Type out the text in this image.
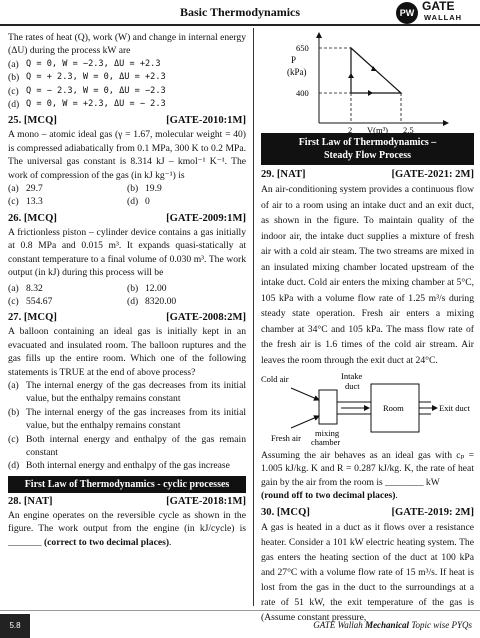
Basic Thermodynamics	PW GATE
WALLAH
The rates of heat (Q), work (W) and change in internal energy (ΔU) during the process kW are
(a) Q = 0, W = −2.3, ΔU = +2.3
(b) Q = + 2.3, W = 0, ΔU = +2.3
(c) Q = − 2.3, W = 0, ΔU = −2.3
(d) Q = 0, W = +2.3, ΔU = − 2.3
25. [MCQ]	[GATE-2010:1M]
A mono – atomic ideal gas (γ = 1.67, molecular weight = 40) is compressed adiabatically from 0.1 MPa, 300 K to 0.2 MPa. The universal gas constant is 8.314 kJ – kmol⁻¹ K⁻¹. The work of compression of the gas (in kJ kg⁻¹) is
(a) 29.7	(b) 19.9
(c) 13.3	(d) 0
26. [MCQ]	[GATE-2009:1M]
A frictionless piston – cylinder device contains a gas initially at 0.8 MPa and 0.015 m³. It expands quasi-statically at constant temperature to a final volume of 0.030 m³. The work output (in kJ) during this process will be
(a) 8.32	(b) 12.00
(c) 554.67	(d) 8320.00
27. [MCQ]	[GATE-2008:2M]
A balloon containing an ideal gas is initially kept in an evacuated and insulated room. The balloon ruptures and the gas fills up the entire room. Which one of the following statements is TRUE at the end of above process?
(a) The internal energy of the gas decreases from its initial value, but the enthalpy remains constant
(b) The internal energy of the gas increases from its initial value, but the enthalpy remains constant
(c) Both internal energy and enthalpy of the gas remain constant
(d) Both internal energy and enthalpy of the gas increase
First Law of Thermodynamics - cyclic processes
28. [NAT]	[GATE-2018:1M]
An engine operates on the reversible cycle as shown in the figure. The work output from the engine (in kJ/cycle) is _______ (correct to two decimal places).
P
(kPa)
650
400
2 V(m³) 2.5
First Law of Thermodynamics –
Steady Flow Process
29. [NAT]	[GATE-2021: 2M]
An air-conditioning system provides a continuous flow of air to a room using an intake duct and an exit duct, as shown in the figure. To maintain quality of the indoor air, the intake duct supplies a mixture of fresh air with a cold air steam. The two streams are mixed in an insulated mixing chamber located upstream of the intake duct. Cold air enters the mixing chamber at 5°C, 105 kPa with a volume flow rate of 1.25 m³/s during steady state operation. Fresh air enters a mixing chamber at 34°C and 105 kPa. The mass flow rate of the fresh air is 1.6 times of the cold air stream. Air leaves the room through the exit duct at 24°C.
Cold air
Fresh air
Intake
duct
Room	Exit duct
mixing
chamber
Assuming the air behaves as an ideal gas with cₚ = 1.005 kJ/kg. K and R = 0.287 kJ/kg. K, the rate of heat gain by the air from the room is ________ kW
(round off to two decimal places).
30. [MCQ]	[GATE-2019: 2M]
A gas is heated in a duct as it flows over a resistance heater. Consider a 101 kW electric heating system. The gas enters the heating section of the duct at 100 kPa and 27°C with a volume flow rate of 15 m³/s. If heat is lost from the gas in the duct to the surroundings at a rate of 51 kW, the exit temperature of the gas is (Assume constant pressure,
5.8	GATE Wallah Mechanical Topic wise PYQs
